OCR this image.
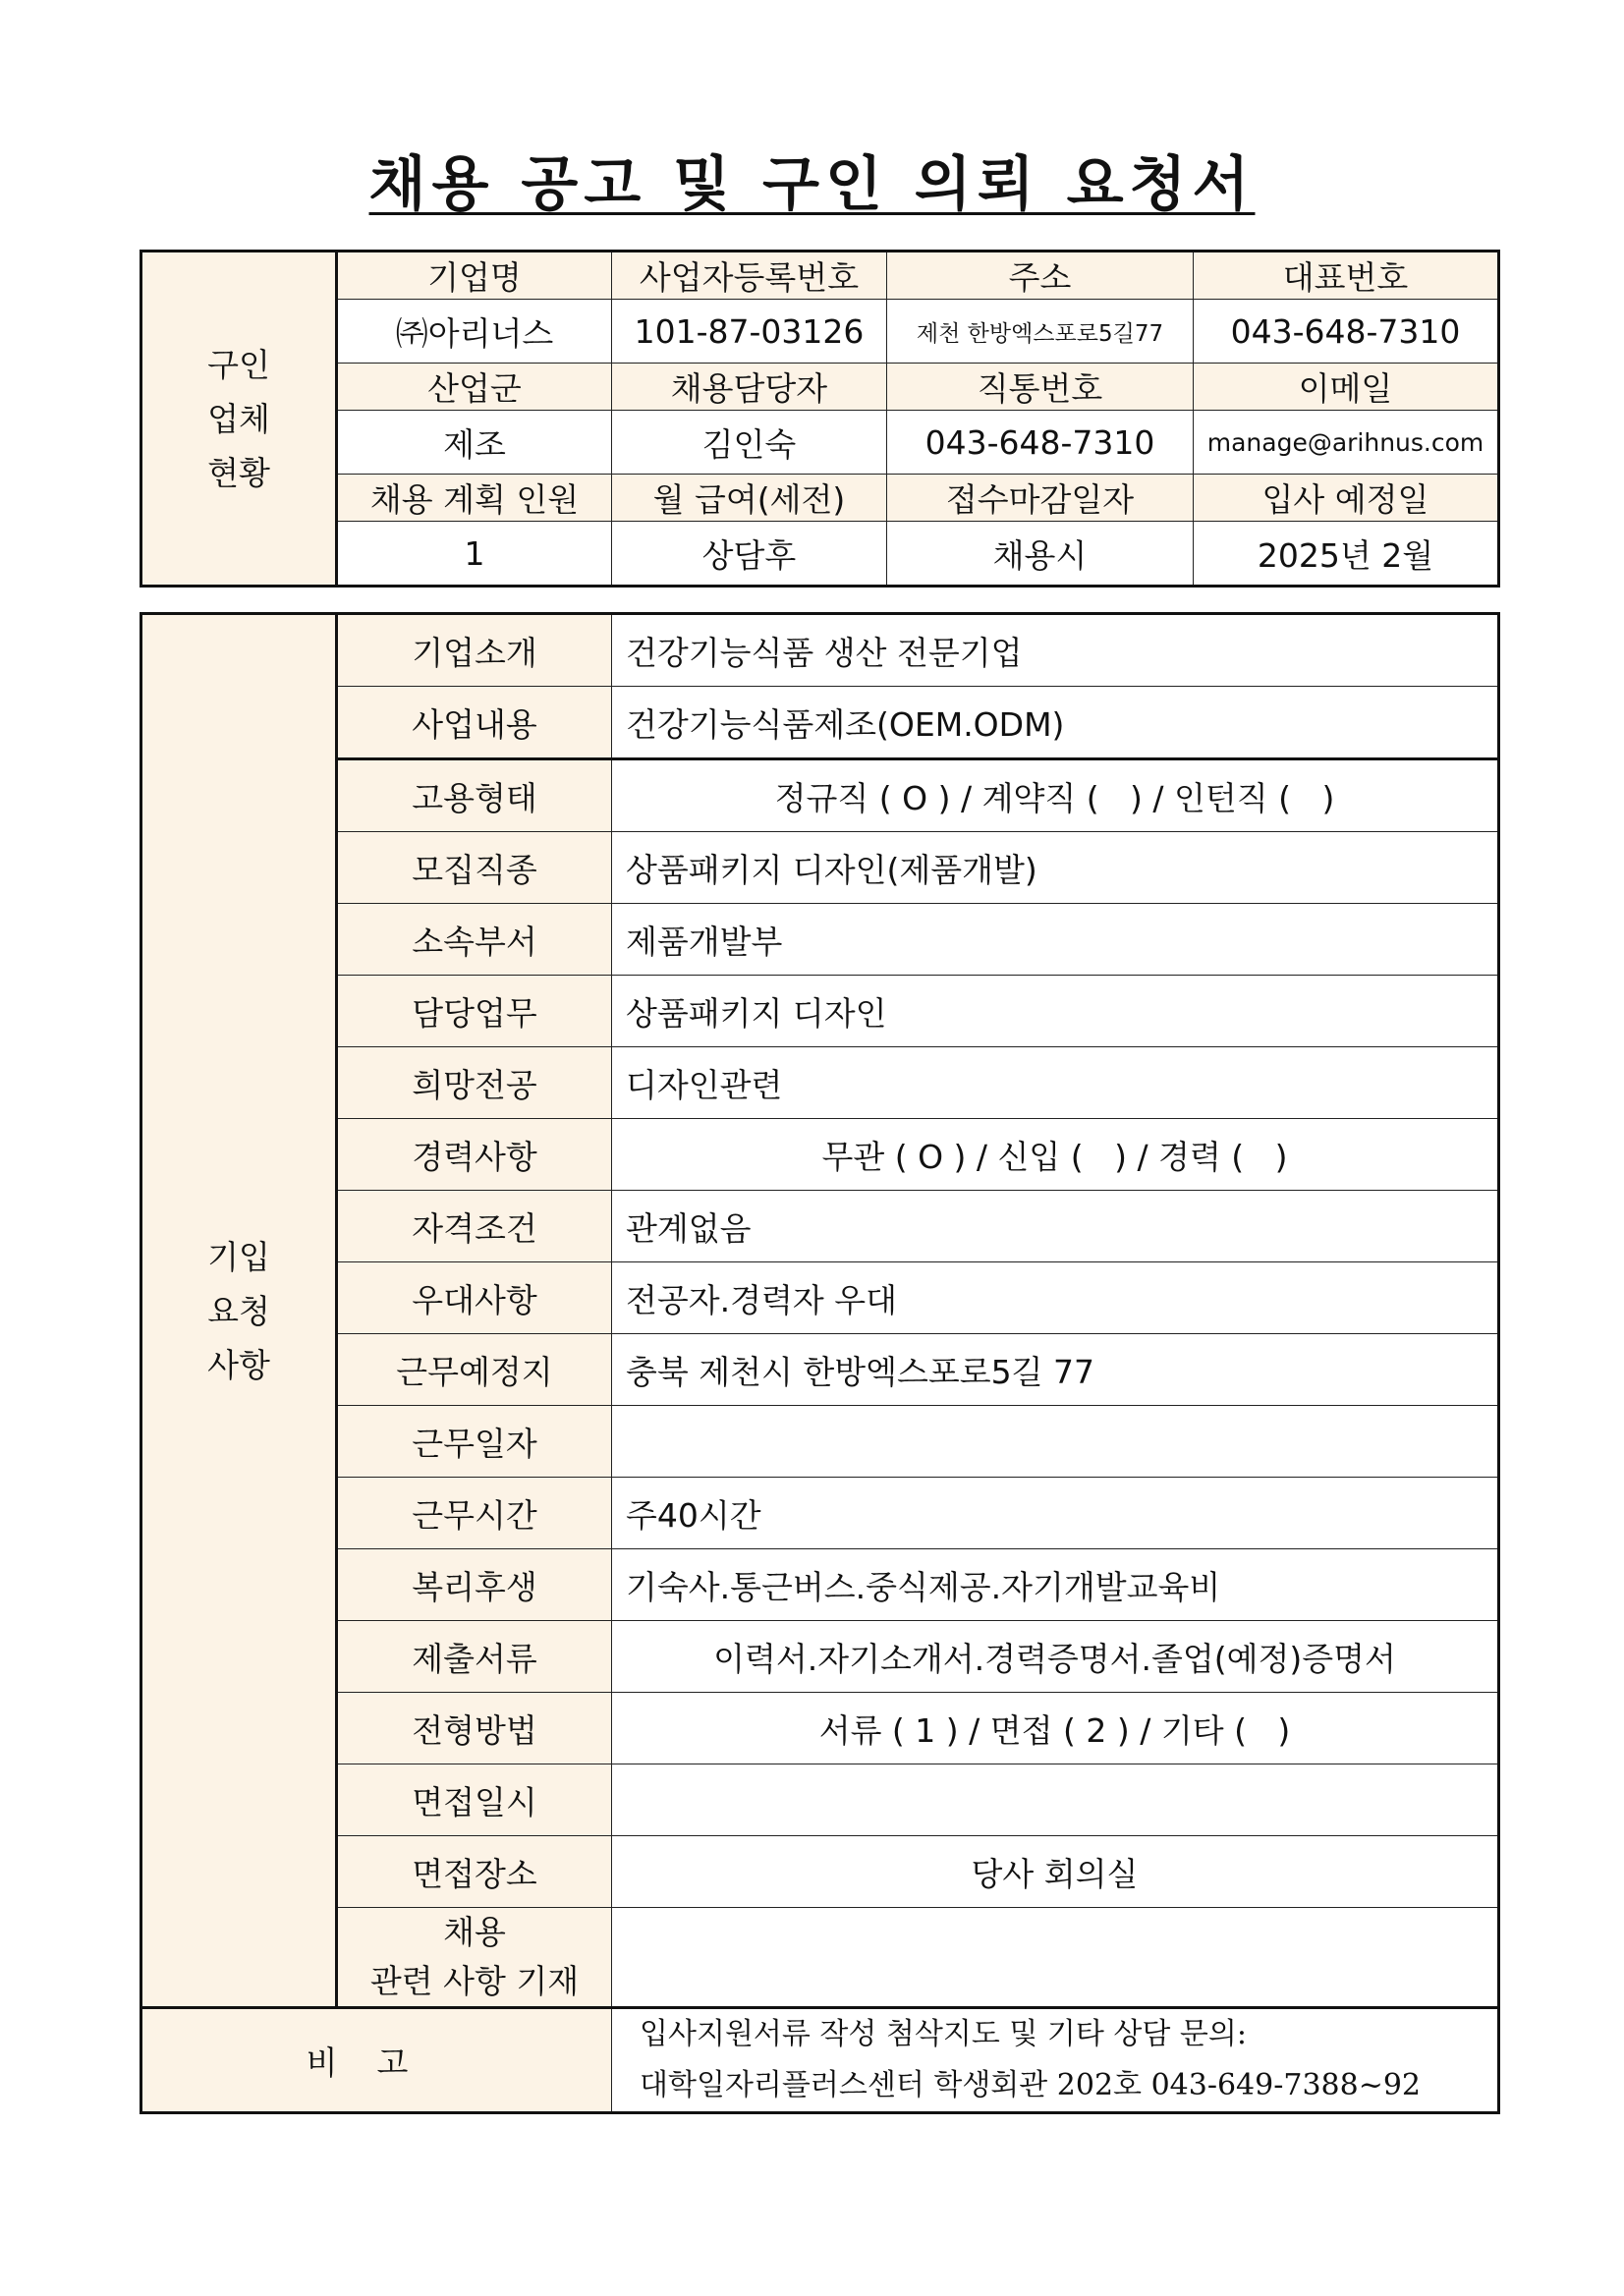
채용 공고 및 구인 의뢰 요청서
구인
업체
현황	기업명	사업자등록번호	주소	대표번호
	㈜아리너스	101-87-03126	제천 한방엑스포로5길77	043-648-7310
	산업군	채용담당자	직통번호	이메일
	제조	김인숙	043-648-7310	manage@arihnus.com
	채용 계획 인원	월 급여(세전)	접수마감일자	입사 예정일
	1	상담후	채용시	2025년 2월
기입
요청
사항	기업소개	건강기능식품 생산 전문기업
	사업내용	건강기능식품제조(OEM.ODM)
	고용형태	정규직 ( O ) / 계약직 (   ) / 인턴직 (   )
	모집직종	상품패키지 디자인(제품개발)
	소속부서	제품개발부
	담당업무	상품패키지 디자인
	희망전공	디자인관련
	경력사항	무관 ( O ) / 신입 (   ) / 경력 (   )
	자격조건	관계없음
	우대사항	전공자.경력자 우대
	근무예정지	충북 제천시 한방엑스포로5길 77
	근무일자	
	근무시간	주40시간
	복리후생	기숙사.통근버스.중식제공.자기개발교육비
	제출서류	이력서.자기소개서.경력증명서.졸업(예정)증명서
	전형방법	서류 ( 1 ) / 면접 ( 2 ) / 기타 (   )
	면접일시	
	면접장소	당사 회의실

	채용
관련 사항 기재	

비고		입사지원서류 작성 첨삭지도 및 기타 상담 문의:
대학일자리플러스센터 학생회관 202호 043-649-7388~92
